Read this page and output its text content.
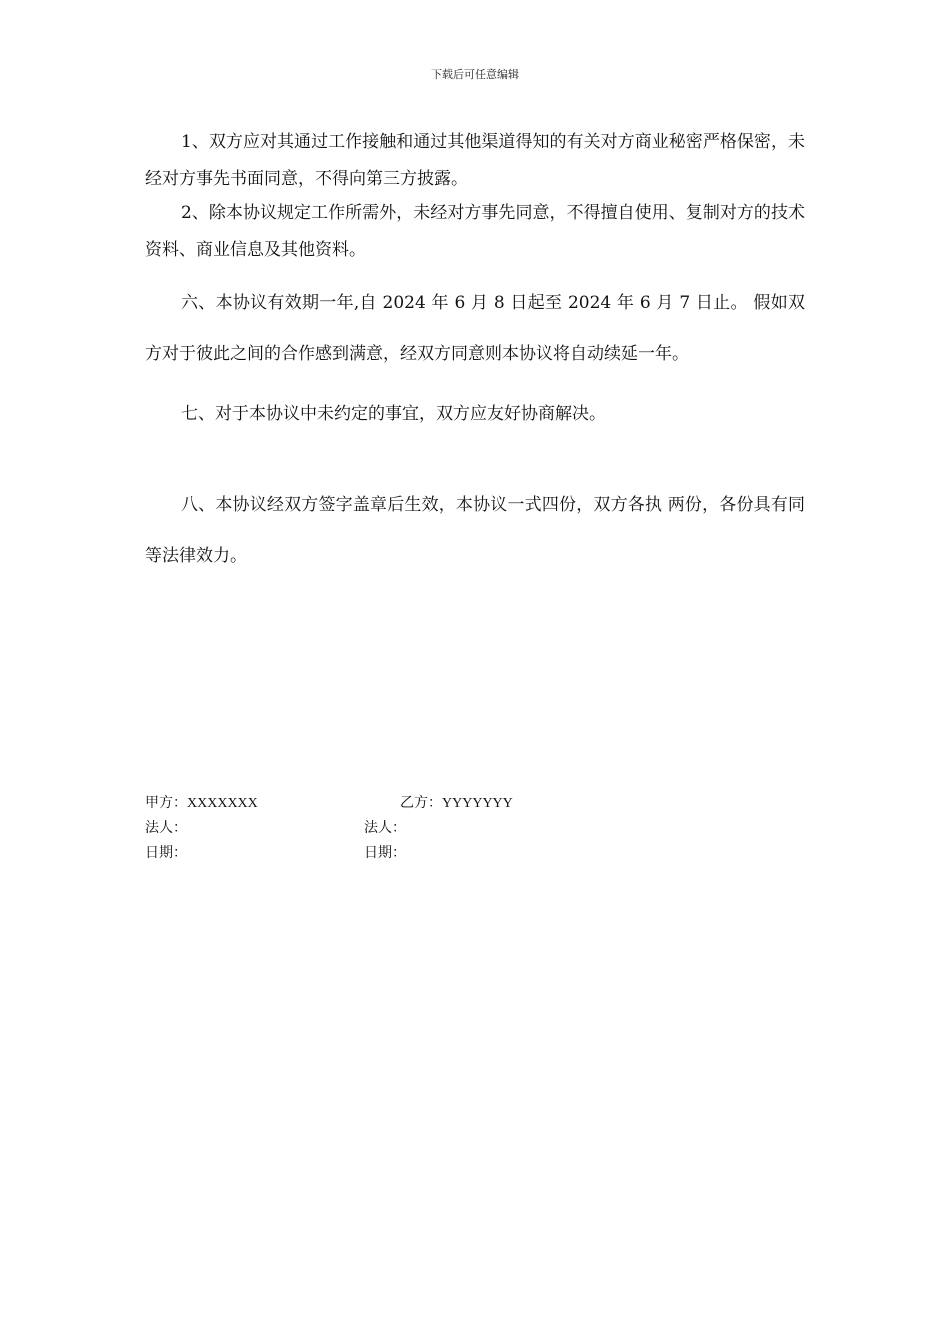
下载后可任意编辑

1、双方应对其通过工作接触和通过其他渠道得知的有关对方商业秘密严格保密，未经对方事先书面同意，不得向第三方披露。

2、除本协议规定工作所需外，未经对方事先同意，不得擅自使用、复制对方的技术资料、商业信息及其他资料。

六、本协议有效期一年,自 2024 年 6 月 8 日起至 2024 年 6 月 7 日止。 假如双方对于彼此之间的合作感到满意，经双方同意则本协议将自动续延一年。

七、对于本协议中未约定的事宜，双方应友好协商解决。

八、本协议经双方签字盖章后生效，本协议一式四份，双方各执 两份，各份具有同等法律效力。

甲方：XXXXXXX	乙方：YYYYYYY
法人：	法人：
日期：	日期：
